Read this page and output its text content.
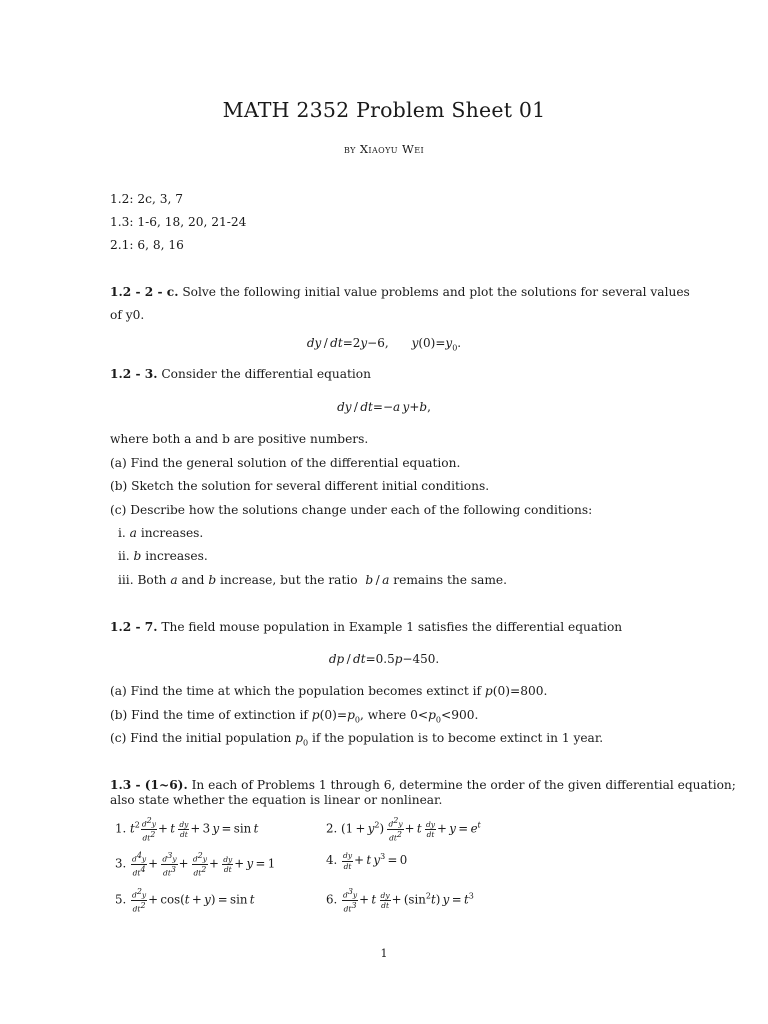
MATH 2352 Problem Sheet 01
by Xiaoyu Wei
1.2: 2c, 3, 7
1.3: 1-6, 18, 20, 21-24
2.1: 6, 8, 16
1.2 - 2 - c. Solve the following initial value problems and plot the solutions for several values
of y0.
dy / dt=2y−6,      $y(0)=y_0$.
1.2 - 3. Consider the differential equation
dy / dt=−a y+b,
where both a and b are positive numbers.
(a) Find the general solution of the differential equation.
(b) Sketch the solution for several different initial conditions.
(c) Describe how the solutions change under each of the following conditions:
i. a increases.
ii. b increases.
iii. Both a and b increase, but the ratio b / a remains the same.
1.2 - 7. The field mouse population in Example 1 satisfies the differential equation
dp / dt=0.5p−450.
(a) Find the time at which the population becomes extinct if p(0)=800.
(b) Find the time of extinction if $p(0)=p_0$, where $0<p_0<900$.
(c) Find the initial population $p_0$ if the population is to become extinct in 1 year.
1.3 - (1~6). In each of Problems 1 through 6, determine the order of the given differential equation;
also state whether the equation is linear or nonlinear.
1. $t^2 \frac{d^2y}{dt^2} + t \frac{dy}{dt} + 3$ y = sin t	2. $(1 + y^2) \frac{d^2y}{dt^2} + t \frac{dy}{dt} + y = e^t$
3. $\frac{d^4y}{dt^4} + \frac{d^3y}{dt^3} + \frac{d^2y}{dt^2} + \frac{dy}{dt} + y = 1$	4. $\frac{dy}{dt} + t$  $y^3 = 0$
5. $\frac{d^2y}{dt^2} + \cos(t + y) = \sin t$	6. $\frac{d^3y}{dt^3} + t \frac{dy}{dt} + (\sin^2t) y = t^3$
1
